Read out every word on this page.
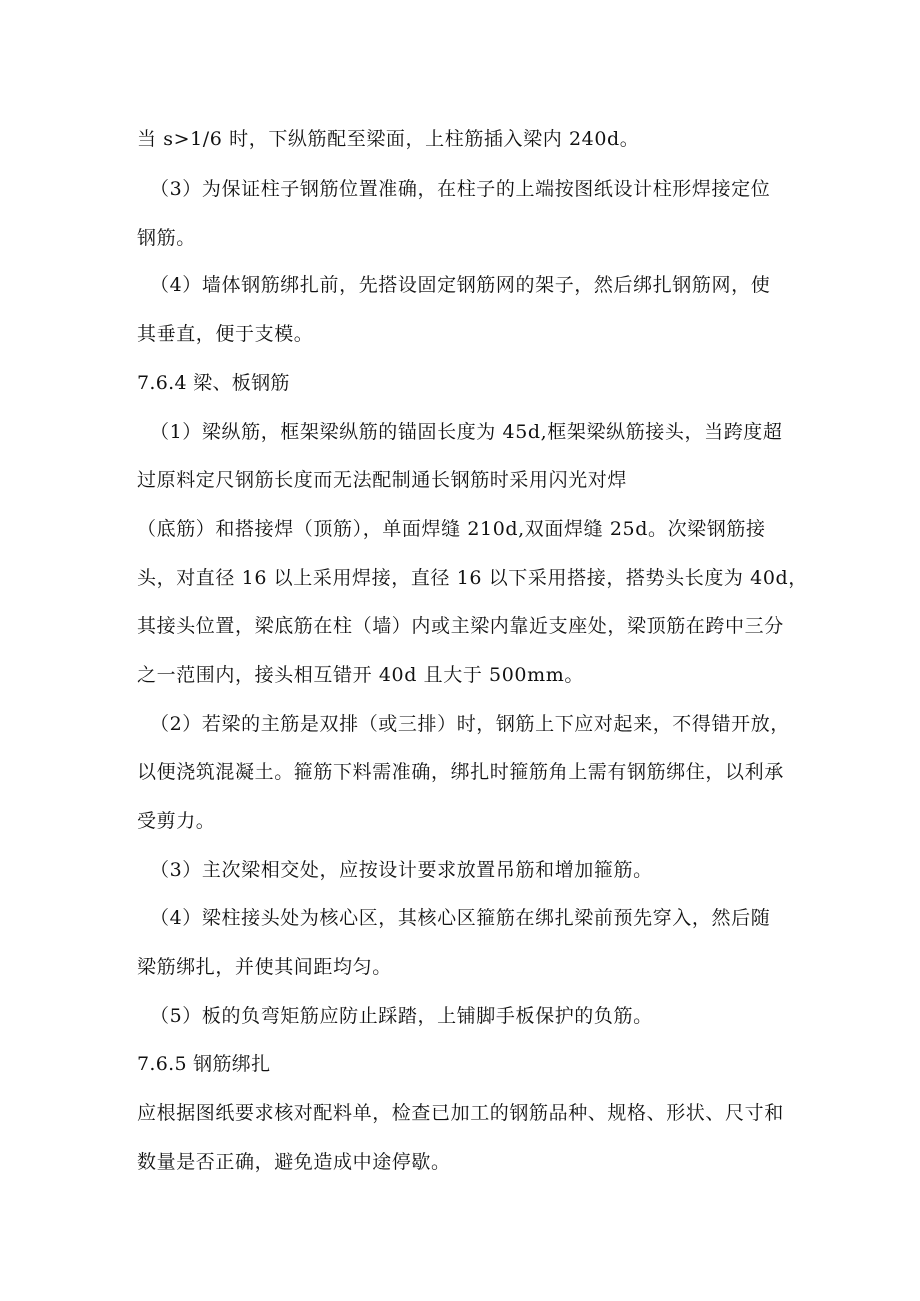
当 s>1/6 时，下纵筋配至梁面，上柱筋插入梁内 240d。
（3）为保证柱子钢筋位置准确，在柱子的上端按图纸设计柱形焊接定位
钢筋。
（4）墙体钢筋绑扎前，先搭设固定钢筋网的架子，然后绑扎钢筋网，使
其垂直，便于支模。
7.6.4 梁、板钢筋
（1）梁纵筋，框架梁纵筋的锚固长度为 45d,框架梁纵筋接头，当跨度超
过原料定尺钢筋长度而无法配制通长钢筋时采用闪光对焊
（底筋）和搭接焊（顶筋），单面焊缝 210d,双面焊缝 25d。次梁钢筋接
头，对直径 16 以上采用焊接，直径 16 以下采用搭接，搭势头长度为 40d，
其接头位置，梁底筋在柱（墙）内或主梁内靠近支座处，梁顶筋在跨中三分
之一范围内，接头相互错开 40d 且大于 500mm。
（2）若梁的主筋是双排（或三排）时，钢筋上下应对起来，不得错开放，
以便浇筑混凝土。箍筋下料需准确，绑扎时箍筋角上需有钢筋绑住，以利承
受剪力。
（3）主次梁相交处，应按设计要求放置吊筋和增加箍筋。
（4）梁柱接头处为核心区，其核心区箍筋在绑扎梁前预先穿入，然后随
梁筋绑扎，并使其间距均匀。
（5）板的负弯矩筋应防止踩踏，上铺脚手板保护的负筋。
7.6.5 钢筋绑扎
应根据图纸要求核对配料单，检查已加工的钢筋品种、规格、形状、尺寸和
数量是否正确，避免造成中途停歇。
